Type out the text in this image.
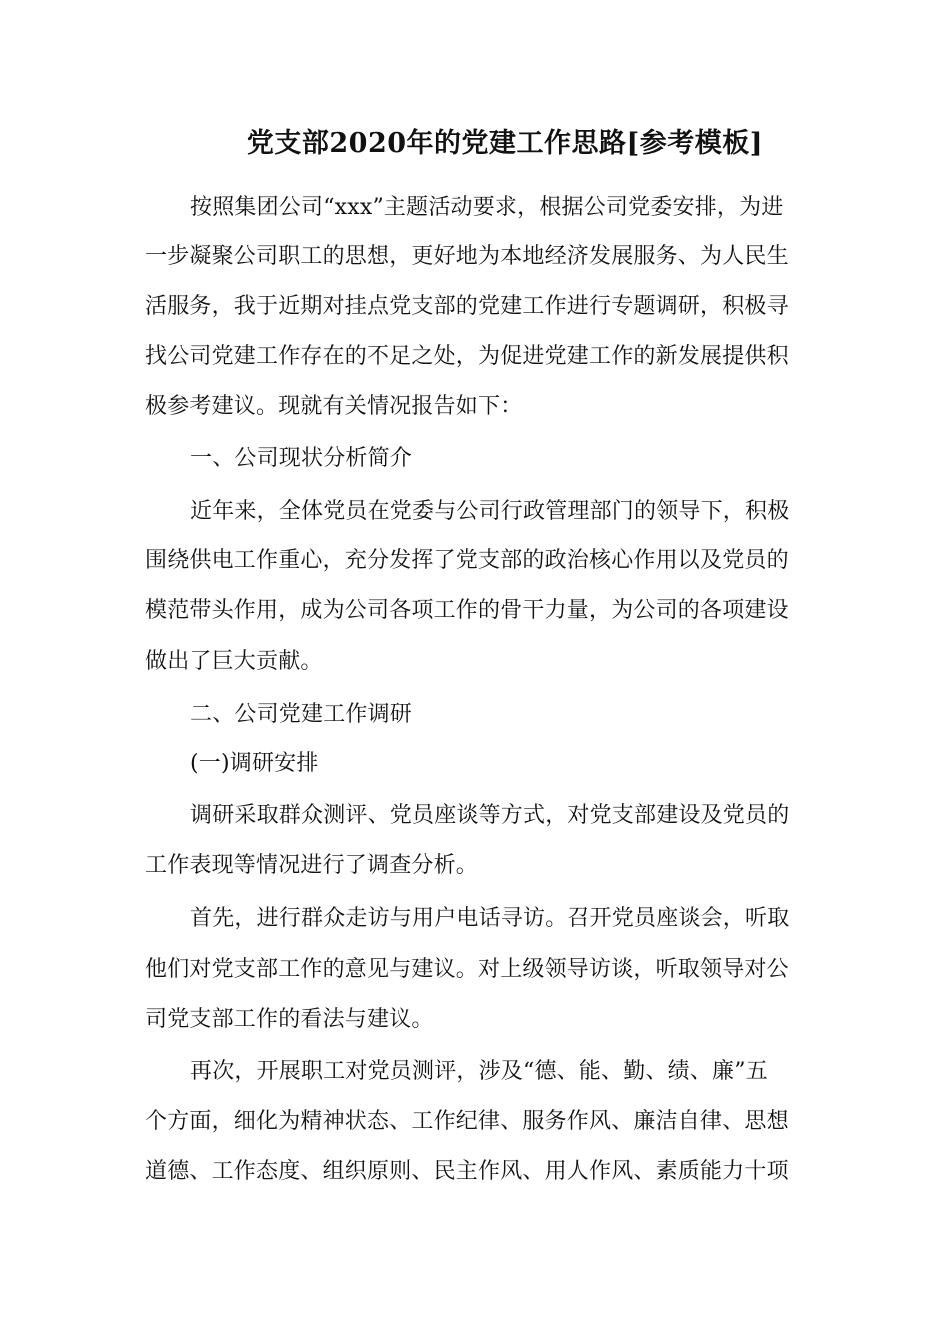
党支部2020年的党建工作思路[参考模板]
按照集团公司“xxx”主题活动要求，根据公司党委安排，为进
一步凝聚公司职工的思想，更好地为本地经济发展服务、为人民生
活服务，我于近期对挂点党支部的党建工作进行专题调研，积极寻
找公司党建工作存在的不足之处，为促进党建工作的新发展提供积
极参考建议。现就有关情况报告如下：
一、公司现状分析简介
近年来，全体党员在党委与公司行政管理部门的领导下，积极
围绕供电工作重心，充分发挥了党支部的政治核心作用以及党员的
模范带头作用，成为公司各项工作的骨干力量，为公司的各项建设
做出了巨大贡献。
二、公司党建工作调研
(一)调研安排
调研采取群众测评、党员座谈等方式，对党支部建设及党员的
工作表现等情况进行了调查分析。
首先，进行群众走访与用户电话寻访。召开党员座谈会，听取
他们对党支部工作的意见与建议。对上级领导访谈，听取领导对公
司党支部工作的看法与建议。
再次，开展职工对党员测评，涉及“德、能、勤、绩、廉”五
个方面，细化为精神状态、工作纪律、服务作风、廉洁自律、思想
道德、工作态度、组织原则、民主作风、用人作风、素质能力十项
